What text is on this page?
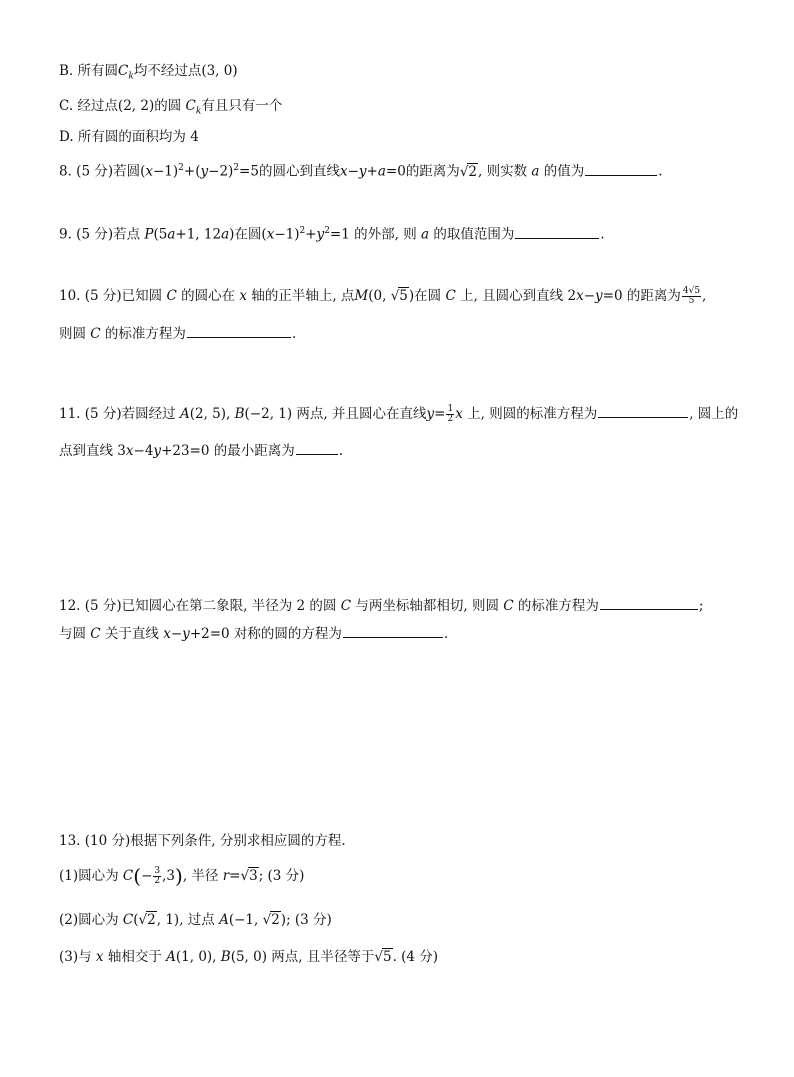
B. 所有圆$C_k$均不经过点(3, 0)
C. 经过点(2, 2)的圆 $C_k$有且只有一个
D. 所有圆的面积均为 4
8. (5 分)若圆$(x-1)^2+(y-2)^2=5$的圆心到直线x−y+a=0的距离为√2, 则实数 a 的值为	.
9. (5 分)若点 P(5a+1, 12a)在圆$(x-1)^2+y^2=1$ 的外部, 则 a 的取值范围为	.
10. (5 分)已知圆 C 的圆心在 x 轴的正半轴上, 点M(0, √5)在圆 C 上, 且圆心到直线 2x−y=0 的距离为 $\frac{4√5}{5}$ ,
则圆 C 的标准方程为	.
11. (5 分)若圆经过 A(2, 5), B(−2, 1) 两点, 并且圆心在直线$y= \frac{1}{2}$ x 上, 则圆的标准方程为	, 圆上的
点到直线 3x−4y+23=0 的最小距离为	.
12. (5 分)已知圆心在第二象限, 半径为 2 的圆 C 与两坐标轴都相切, 则圆 C 的标准方程为	;
与圆 C 关于直线 x−y+2=0 对称的圆的方程为	.
13. (10 分)根据下列条件, 分别求相应圆的方程.
(1)圆心为 $C(- \frac{3}{2} ,3)$, 半径 r=√3; (3 分)
(2)圆心为 C(√2, 1), 过点 A(−1, √2); (3 分)
(3)与 x 轴相交于 A(1, 0), B(5, 0) 两点, 且半径等于√5. (4 分)
